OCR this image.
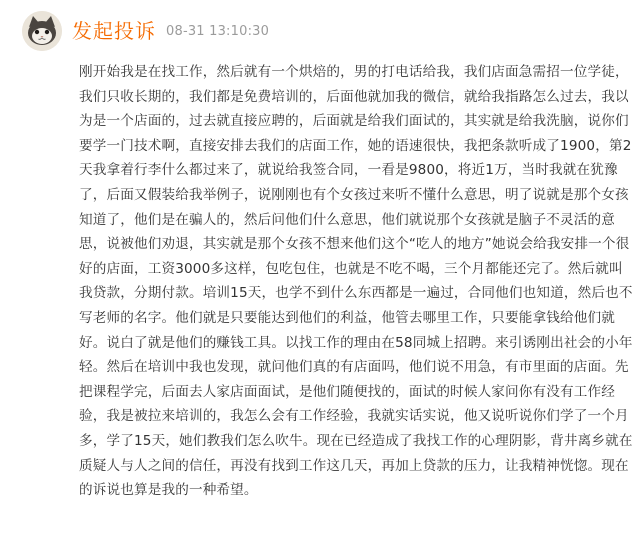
发起投诉 08-31 13:10:30
刚开始我是在找工作，然后就有一个烘焙的，男的打电话给我，我们店面急需招一位学徒，我们只收长期的，我们都是免费培训的，后面他就加我的微信，就给我指路怎么过去，我以为是一个店面的，过去就直接应聘的，后面就是给我们面试的，其实就是给我洗脑，说你们要学一门技术啊，直接安排去我们的店面工作，她的语速很快，我把条款听成了1900，第2天我拿着行李什么都过来了，就说给我签合同，一看是9800，将近1万，当时我就在犹豫了，后面又假装给我举例子，说刚刚也有个女孩过来听不懂什么意思，明了说就是那个女孩知道了，他们是在骗人的，然后问他们什么意思，他们就说那个女孩就是脑子不灵活的意思，说被他们劝退，其实就是那个女孩不想来他们这个“吃人的地方”她说会给我安排一个很好的店面，工资3000多这样，包吃包住，也就是不吃不喝，三个月都能还完了。然后就叫我贷款，分期付款。培训15天，也学不到什么东西都是一遍过，合同他们也知道，然后也不写老师的名字。他们就是只要能达到他们的利益，他管去哪里工作，只要能拿钱给他们就好。说白了就是他们的赚钱工具。以找工作的理由在58同城上招聘。来引诱刚出社会的小年轻。然后在培训中我也发现，就问他们真的有店面吗，他们说不用急，有市里面的店面。先把课程学完，后面去人家店面面试，是他们随便找的，面试的时候人家问你有没有工作经验，我是被拉来培训的，我怎么会有工作经验，我就实话实说，他又说听说你们学了一个月多，学了15天，她们教我们怎么吹牛。现在已经造成了我找工作的心理阴影，背井离乡就在质疑人与人之间的信任，再没有找到工作这几天，再加上贷款的压力，让我精神恍惚。现在的诉说也算是我的一种希望。
